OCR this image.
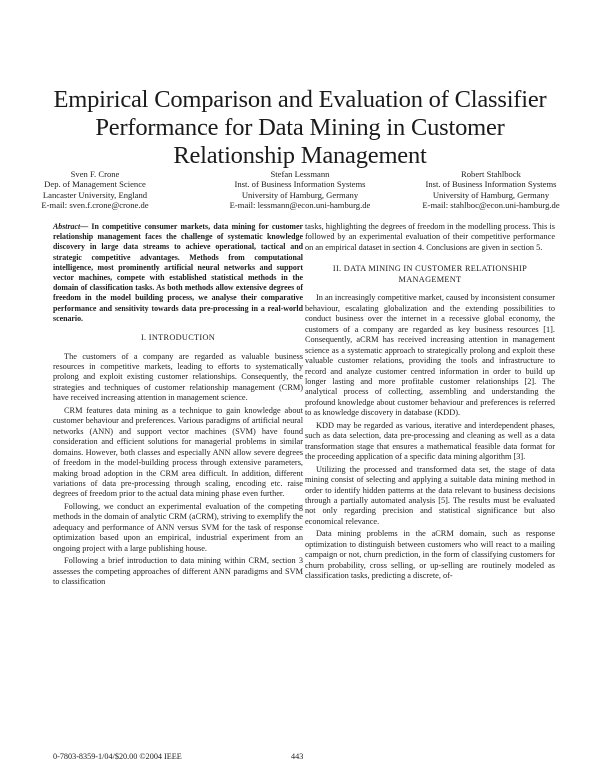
Empirical Comparison and Evaluation of Classifier Performance for Data Mining in Customer Relationship Management
Sven F. Crone
Dep. of Management Science
Lancaster University, England
E-mail: sven.f.crone@crone.de
Stefan Lessmann
Inst. of Business Information Systems
University of Hamburg, Germany
E-mail: lessmann@econ.uni-hamburg.de
Robert Stahlbock
Inst. of Business Information Systems
University of Hamburg, Germany
E-mail: stahlboc@econ.uni-hamburg.de

Abstract— In competitive consumer markets, data mining for customer relationship management faces the challenge of systematic knowledge discovery in large data streams to achieve operational, tactical and strategic competitive advantages. Methods from computational intelligence, most prominently artificial neural networks and support vector machines, compete with established statistical methods in the domain of classification tasks. As both methods allow extensive degrees of freedom in the model building process, we analyse their comparative performance and sensitivity towards data pre-processing in a real-world scenario.

I. INTRODUCTION

The customers of a company are regarded as valuable business resources in competitive markets, leading to efforts to systematically prolong and exploit existing customer relationships. Consequently, the strategies and techniques of customer relationship management (CRM) have received increasing attention in management science.

CRM features data mining as a technique to gain knowledge about customer behaviour and preferences. Various paradigms of artificial neural networks (ANN) and support vector machines (SVM) have found consideration and efficient solutions for managerial problems in similar domains. However, both classes and especially ANN allow severe degrees of freedom in the model-building process through extensive parameters, making broad adoption in the CRM area difficult. In addition, different variations of data pre-processing through scaling, encoding etc. raise degrees of freedom prior to the actual data mining phase even further.

Following, we conduct an experimental evaluation of the competing methods in the domain of analytic CRM (aCRM), striving to exemplify the adequacy and performance of ANN versus SVM for the task of response optimization based upon an empirical, industrial experiment from an ongoing project with a large publishing house.

Following a brief introduction to data mining within CRM, section 3 assesses the competing approaches of different ANN paradigms and SVM to classification

tasks, highlighting the degrees of freedom in the modelling process. This is followed by an experimental evaluation of their competitive performance on an empirical dataset in section 4. Conclusions are given in section 5.

II. DATA MINING IN CUSTOMER RELATIONSHIP
MANAGEMENT

In an increasingly competitive market, caused by inconsistent consumer behaviour, escalating globalization and the extending possibilities to conduct business over the internet in a recessive global economy, the customers of a company are regarded as key business resources [1]. Consequently, aCRM has received increasing attention in management science as a systematic approach to strategically prolong and exploit these valuable customer relations, providing the tools and infrastructure to record and analyze customer centred information in order to build up longer lasting and more profitable customer relationships [2]. The analytical process of collecting, assembling and understanding the profound knowledge about customer behaviour and preferences is referred to as knowledge discovery in database (KDD).

KDD may be regarded as various, iterative and interdependent phases, such as data selection, data pre-processing and cleaning as well as a data transformation stage that ensures a mathematical feasible data format for the proceeding application of a specific data mining algorithm [3].

Utilizing the processed and transformed data set, the stage of data mining consist of selecting and applying a suitable data mining method in order to identify hidden patterns at the data relevant to business decisions through a partially automated analysis [5]. The results must be evaluated not only regarding precision and statistical significance but also economical relevance.

Data mining problems in the aCRM domain, such as response optimization to distinguish between customers who will react to a mailing campaign or not, churn prediction, in the form of classifying customers for churn probability, cross selling, or up-selling are routinely modeled as classification tasks, predicting a discrete, of-

0-7803-8359-1/04/$20.00 ©2004 IEEE	443
